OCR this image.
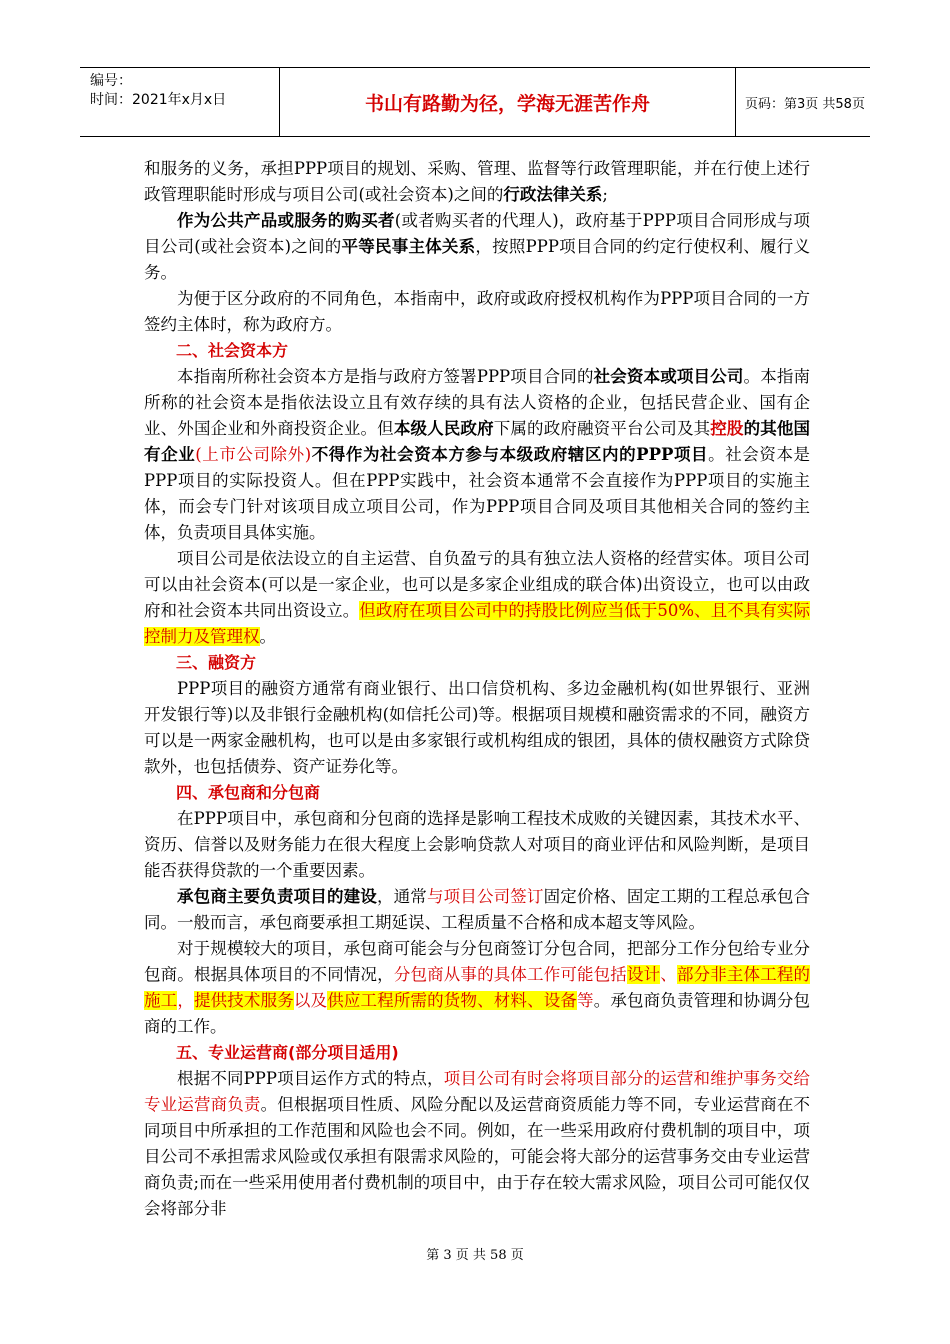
编号：
时间：2021年x月x日	书山有路勤为径，学海无涯苦作舟	页码：第3页 共58页

和服务的义务，承担PPP项目的规划、采购、管理、监督等行政管理职能，并在行使上述行政管理职能时形成与项目公司(或社会资本)之间的行政法律关系;

作为公共产品或服务的购买者(或者购买者的代理人)，政府基于PPP项目合同形成与项目公司(或社会资本)之间的平等民事主体关系，按照PPP项目合同的约定行使权利、履行义务。

为便于区分政府的不同角色，本指南中，政府或政府授权机构作为PPP项目合同的一方签约主体时，称为政府方。

二、社会资本方

本指南所称社会资本方是指与政府方签署PPP项目合同的社会资本或项目公司。本指南所称的社会资本是指依法设立且有效存续的具有法人资格的企业，包括民营企业、国有企业、外国企业和外商投资企业。但本级人民政府下属的政府融资平台公司及其控股的其他国有企业(上市公司除外)不得作为社会资本方参与本级政府辖区内的PPP项目。社会资本是PPP项目的实际投资人。但在PPP实践中，社会资本通常不会直接作为PPP项目的实施主体，而会专门针对该项目成立项目公司，作为PPP项目合同及项目其他相关合同的签约主体，负责项目具体实施。

项目公司是依法设立的自主运营、自负盈亏的具有独立法人资格的经营实体。项目公司可以由社会资本(可以是一家企业，也可以是多家企业组成的联合体)出资设立，也可以由政府和社会资本共同出资设立。但政府在项目公司中的持股比例应当低于50%、且不具有实际控制力及管理权。

三、融资方

PPP项目的融资方通常有商业银行、出口信贷机构、多边金融机构(如世界银行、亚洲开发银行等)以及非银行金融机构(如信托公司)等。根据项目规模和融资需求的不同，融资方可以是一两家金融机构，也可以是由多家银行或机构组成的银团，具体的债权融资方式除贷款外，也包括债券、资产证券化等。

四、承包商和分包商

在PPP项目中，承包商和分包商的选择是影响工程技术成败的关键因素，其技术水平、资历、信誉以及财务能力在很大程度上会影响贷款人对项目的商业评估和风险判断，是项目能否获得贷款的一个重要因素。

承包商主要负责项目的建设，通常与项目公司签订固定价格、固定工期的工程总承包合同。一般而言，承包商要承担工期延误、工程质量不合格和成本超支等风险。

对于规模较大的项目，承包商可能会与分包商签订分包合同，把部分工作分包给专业分包商。根据具体项目的不同情况，分包商从事的具体工作可能包括设计、部分非主体工程的施工，提供技术服务以及供应工程所需的货物、材料、设备等。承包商负责管理和协调分包商的工作。

五、专业运营商(部分项目适用)

根据不同PPP项目运作方式的特点，项目公司有时会将项目部分的运营和维护事务交给专业运营商负责。但根据项目性质、风险分配以及运营商资质能力等不同，专业运营商在不同项目中所承担的工作范围和风险也会不同。例如，在一些采用政府付费机制的项目中，项目公司不承担需求风险或仅承担有限需求风险的，可能会将大部分的运营事务交由专业运营商负责;而在一些采用使用者付费机制的项目中，由于存在较大需求风险，项目公司可能仅仅会将部分非

第 3 页 共 58 页
